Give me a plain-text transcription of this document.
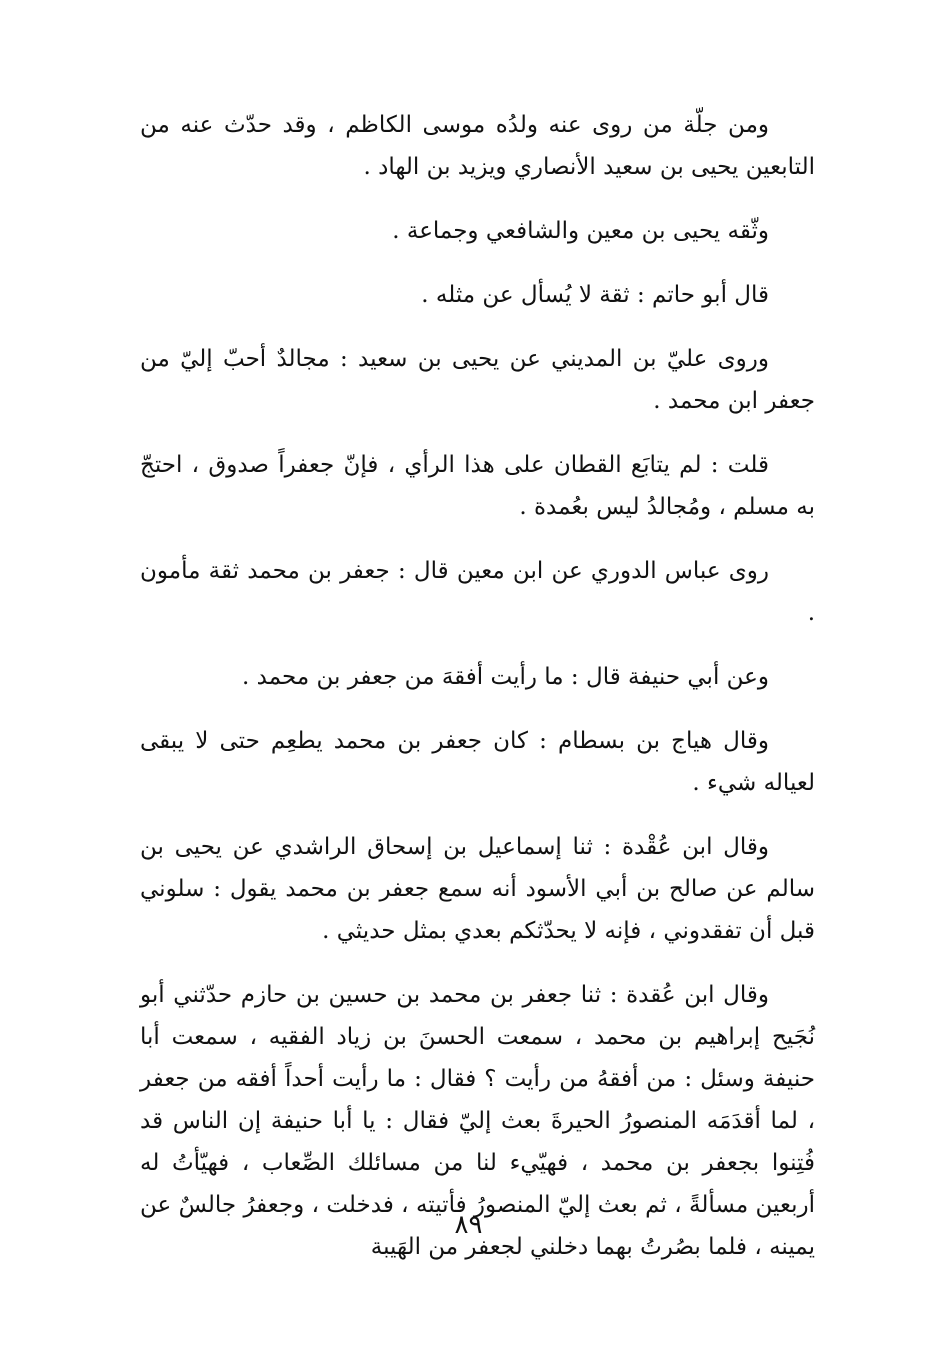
ومن جلّة من روى عنه ولدُه موسى الكاظم ، وقد حدّث عنه من التابعين يحيى بن سعيد الأنصاري ويزيد بن الهاد .

وثّقه يحيى بن معين والشافعي وجماعة .

قال أبو حاتم : ثقة لا يُسأل عن مثله .

وروى عليّ بن المديني عن يحيى بن سعيد : مجالدٌ أحبّ إليّ من جعفر ابن محمد .

قلت : لم يتابَع القطان على هذا الرأي ، فإنّ جعفراً صدوق ، احتجّ به مسلم ، ومُجالدُ ليس بعُمدة .

روى عباس الدوري عن ابن معين قال : جعفر بن محمد ثقة مأمون .

وعن أبي حنيفة قال : ما رأيت أفقهَ من جعفر بن محمد .

وقال هياج بن بسطام : كان جعفر بن محمد يطعِم حتى لا يبقى لعياله شيء .

وقال ابن عُقْدة : ثنا إسماعيل بن إسحاق الراشدي عن يحيى بن سالم عن صالح بن أبي الأسود أنه سمع جعفر بن محمد يقول : سلوني قبل أن تفقدوني ، فإنه لا يحدّثكم بعدي بمثل حديثي .

وقال ابن عُقدة : ثنا جعفر بن محمد بن حسين بن حازم حدّثني أبو نُجَيح إبراهيم بن محمد ، سمعت الحسنَ بن زياد الفقيه ، سمعت أبا حنيفة وسئل : من أفقهُ من رأيت ؟ فقال : ما رأيت أحداً أفقه من جعفر ، لما أقدَمَه المنصورُ الحيرةَ بعث إليّ فقال : يا أبا حنيفة إن الناس قد فُتِنوا بجعفر بن محمد ، فهيّيء لنا من مسائلك الصِّعاب ، فهيّأتُ له أربعين مسألةً ، ثم بعث إليّ المنصورُ فأتيته ، فدخلت ، وجعفرُ جالسٌ عن يمينه ، فلما بصُرتُ بهما دخلني لجعفر من الهَيبة

٨٩
